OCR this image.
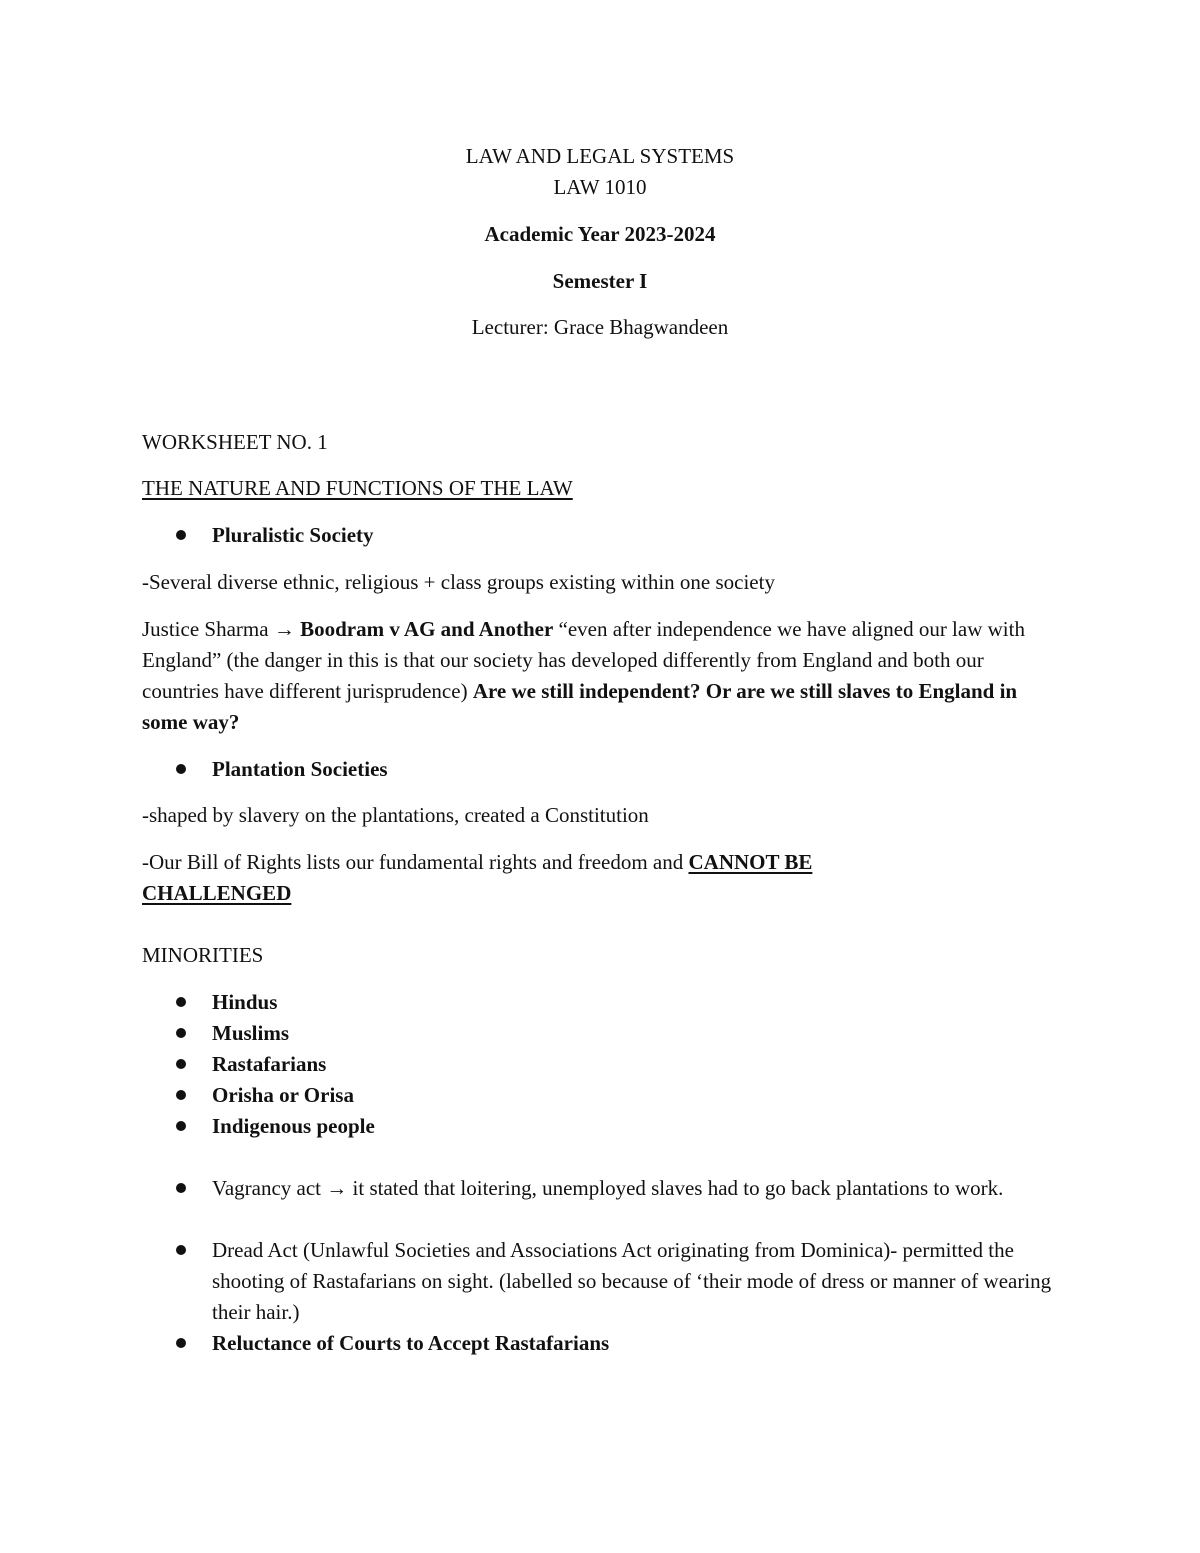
LAW AND LEGAL SYSTEMS
LAW 1010
Academic Year 2023-2024
Semester I
Lecturer: Grace Bhagwandeen
WORKSHEET NO. 1
THE NATURE AND FUNCTIONS OF THE LAW
Pluralistic Society
-Several diverse ethnic, religious + class groups existing within one society
Justice Sharma → Boodram v AG and Another “even after independence we have aligned our law with England” (the danger in this is that our society has developed differently from England and both our countries have different jurisprudence) Are we still independent? Or are we still slaves to England in some way?
Plantation Societies
-shaped by slavery on the plantations, created a Constitution
-Our Bill of Rights lists our fundamental rights and freedom and CANNOT BE CHALLENGED
MINORITIES
Hindus
Muslims
Rastafarians
Orisha or Orisa
Indigenous people
Vagrancy act → it stated that loitering, unemployed slaves had to go back plantations to work.
Dread Act (Unlawful Societies and Associations Act originating from Dominica)- permitted the shooting of Rastafarians on sight. (labelled so because of ‘their mode of dress or manner of wearing their hair.)
Reluctance of Courts to Accept Rastafarians
